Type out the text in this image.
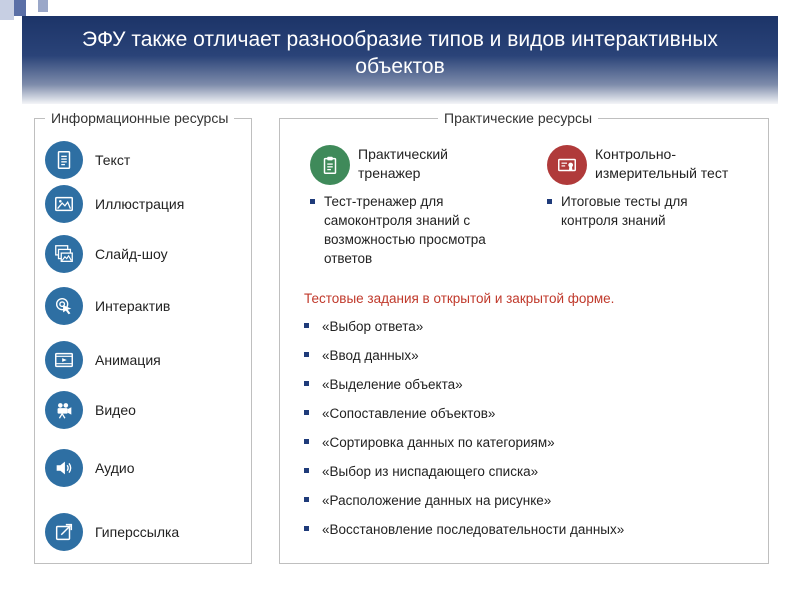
ЭФУ также отличает разнообразие типов и видов интерактивных объектов
Информационные ресурсы
Текст
Иллюстрация
Слайд-шоу
Интерактив
Анимация
Видео
Аудио
Гиперссылка
Практические ресурсы
Практический
тренажер
Тест-тренажер для
самоконтроля знаний с
возможностью просмотра
ответов
Контрольно-
измерительный тест
Итоговые тесты для
контроля знаний
Тестовые задания в открытой и закрытой форме.
«Выбор ответа»
«Ввод данных»
«Выделение объекта»
«Сопоставление объектов»
«Сортировка данных по категориям»
«Выбор из ниспадающего списка»
«Расположение данных на рисунке»
«Восстановление последовательности данных»
